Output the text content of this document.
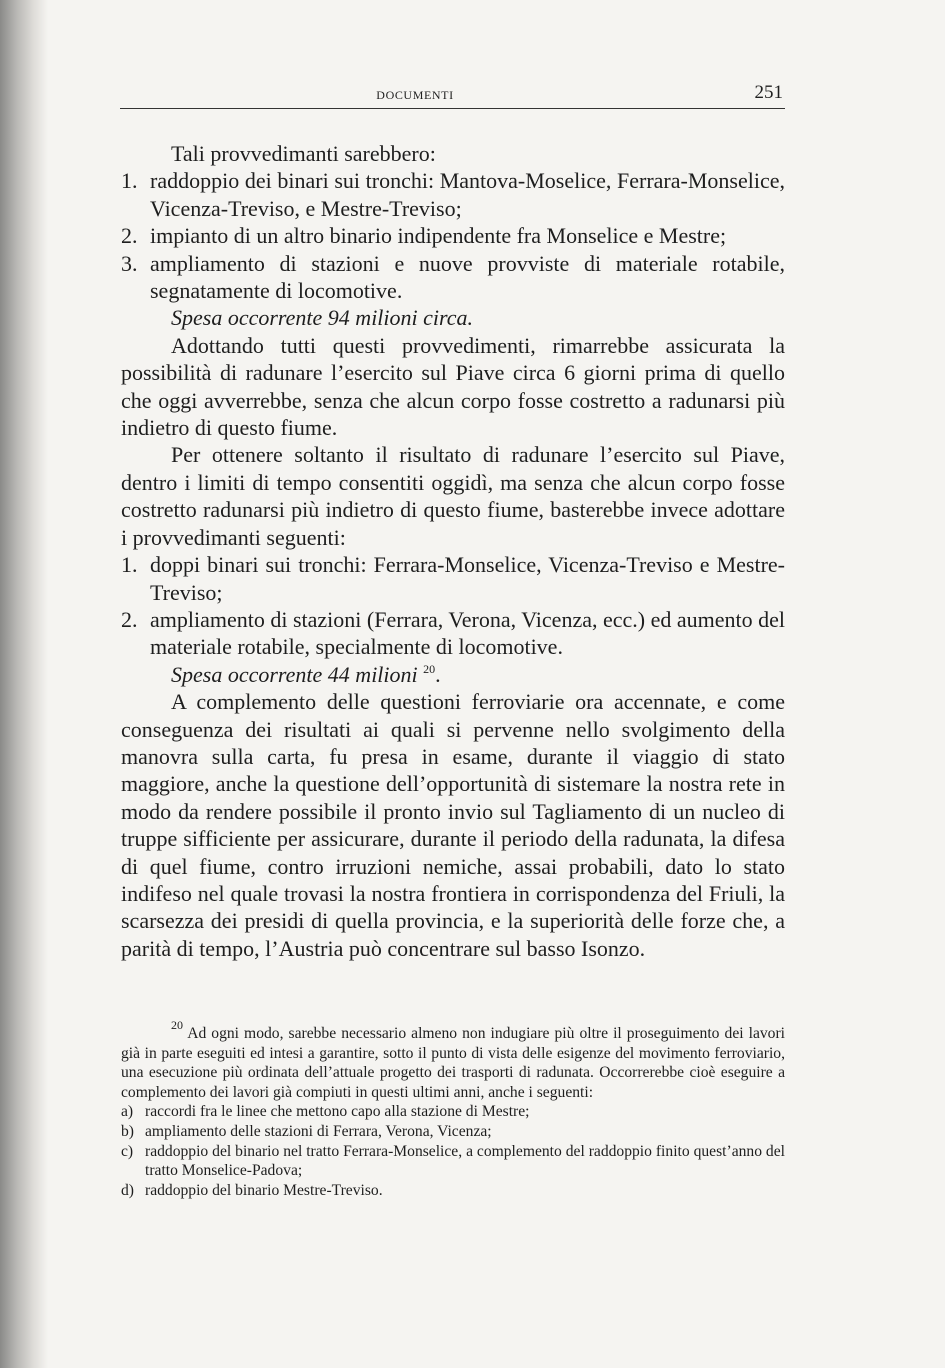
DOCUMENTI	251

Tali provvedimanti sarebbero:

1. raddoppio dei binari sui tronchi: Mantova-Moselice, Ferrara-Monselice, Vicenza-Treviso, e Mestre-Treviso;

2. impianto di un altro binario indipendente fra Monselice e Mestre;

3. ampliamento di stazioni e nuove provviste di materiale rotabile, segnatamente di locomotive.

Spesa occorrente 94 milioni circa.

Adottando tutti questi provvedimenti, rimarrebbe assicurata la possibilità di radunare l’esercito sul Piave circa 6 giorni prima di quello che oggi avverrebbe, senza che alcun corpo fosse costretto a radunarsi più indietro di questo fiume.

Per ottenere soltanto il risultato di radunare l’esercito sul Piave, dentro i limiti di tempo consentiti oggidì, ma senza che alcun corpo fosse costretto radunarsi più indietro di questo fiume, basterebbe invece adottare i provvedimanti seguenti:

1. doppi binari sui tronchi: Ferrara-Monselice, Vicenza-Treviso e Mestre-Treviso;

2. ampliamento di stazioni (Ferrara, Verona, Vicenza, ecc.) ed aumento del materiale rotabile, specialmente di locomotive.

Spesa occorrente 44 milioni $^{20}$.

A complemento delle questioni ferroviarie ora accennate, e come conseguenza dei risultati ai quali si pervenne nello svolgimento della manovra sulla carta, fu presa in esame, durante il viaggio di stato maggiore, anche la questione dell’opportunità di sistemare la nostra rete in modo da rendere possibile il pronto invio sul Tagliamento di un nucleo di truppe sifficiente per assicurare, durante il periodo della radunata, la difesa di quel fiume, contro irruzioni nemiche, assai probabili, dato lo stato indifeso nel quale trovasi la nostra frontiera in corrispondenza del Friuli, la scarsezza dei presidi di quella provincia, e la superiorità delle forze che, a parità di tempo, l’Austria può concentrare sul basso Isonzo.

$^{20}$ Ad ogni modo, sarebbe necessario almeno non indugiare più oltre il proseguimento dei lavori già in parte eseguiti ed intesi a garantire, sotto il punto di vista delle esigenze del movimento ferroviario, una esecuzione più ordinata dell’attuale progetto dei trasporti di radunata. Occorrerebbe cioè eseguire a complemento dei lavori già compiuti in questi ultimi anni, anche i seguenti:

a) raccordi fra le linee che mettono capo alla stazione di Mestre;

b) ampliamento delle stazioni di Ferrara, Verona, Vicenza;

c) raddoppio del binario nel tratto Ferrara-Monselice, a complemento del raddoppio finito quest’anno del tratto Monselice-Padova;

d) raddoppio del binario Mestre-Treviso.
